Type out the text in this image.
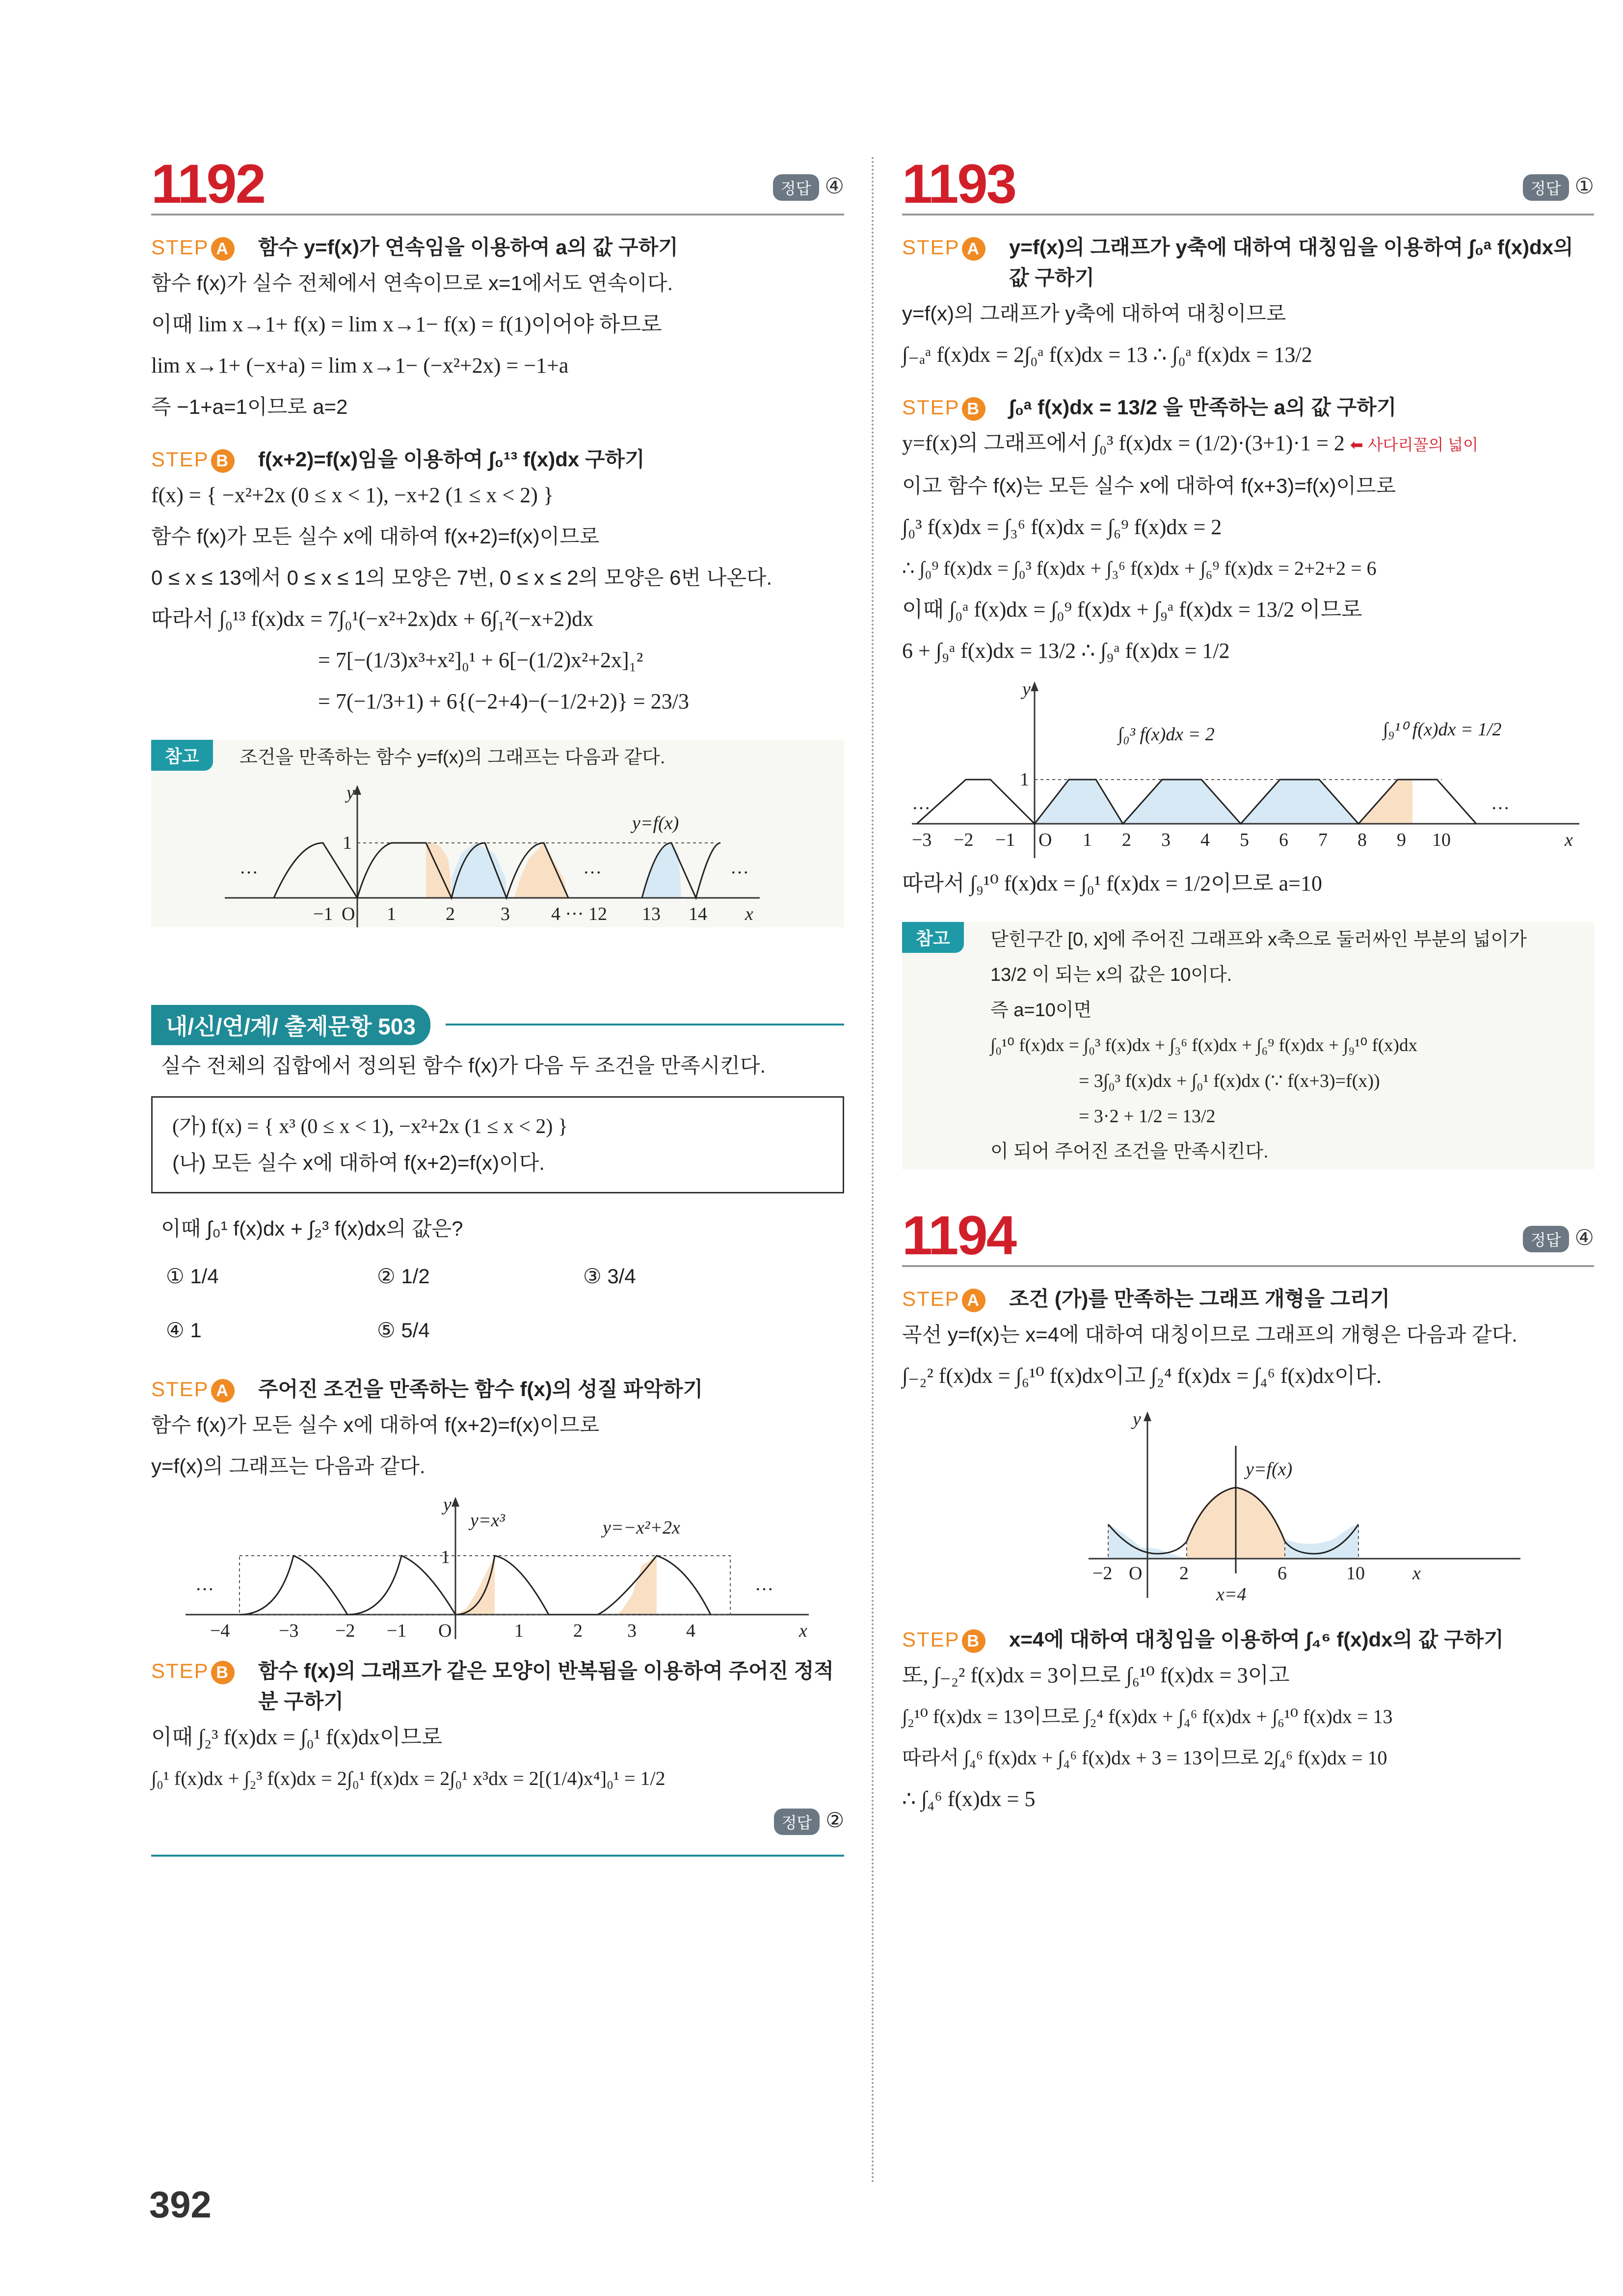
1192	정답 ④
STEP A 함수 y=f(x)가 연속임을 이용하여 a의 값 구하기
함수 f(x)가 실수 전체에서 연속이므로 x=1에서도 연속이다.
이때 lim x→1+ f(x) = lim x→1− f(x) = f(1)이어야 하므로
lim x→1+ (−x+a) = lim x→1− (−x²+2x) = −1+a
즉 −1+a=1이므로 a=2
STEP B f(x+2)=f(x)임을 이용하여 ∫₀¹³ f(x)dx 구하기
f(x) = { −x²+2x (0 ≤ x < 1), −x+2 (1 ≤ x < 2) }
함수 f(x)가 모든 실수 x에 대하여 f(x+2)=f(x)이므로
0 ≤ x ≤ 13에서 0 ≤ x ≤ 1의 모양은 7번, 0 ≤ x ≤ 2의 모양은 6번 나온다.
따라서 ∫₀¹³ f(x)dx = 7∫₀¹(−x²+2x)dx + 6∫₁²(−x+2)dx
= 7[−(1/3)x³+x²]₀¹ + 6[−(1/2)x²+2x]₁²
= 7(−1/3+1) + 6{(−2+4)−(−1/2+2)} = 23/3
참고	조건을 만족하는 함수 y=f(x)의 그래프는 다음과 같다.
y
1
O
y=f(x)
…	…	…
−1	1	2 3 4 ··· 12 13 14 x
내/신/연/계/ 출제문항 503
실수 전체의 집합에서 정의된 함수 f(x)가 다음 두 조건을 만족시킨다.
(가) f(x) = { x³ (0 ≤ x < 1), −x²+2x (1 ≤ x < 2) }
(나) 모든 실수 x에 대하여 f(x+2)=f(x)이다.
이때 ∫₀¹ f(x)dx + ∫₂³ f(x)dx의 값은?
① 1/4	② 1/2	③ 3/4
④ 1	⑤ 5/4
STEP A 주어진 조건을 만족하는 함수 f(x)의 성질 파악하기
함수 f(x)가 모든 실수 x에 대하여 f(x+2)=f(x)이므로
y=f(x)의 그래프는 다음과 같다.
y
1
O
y=x³	y=−x²+2x
…	…
−4	−3 −2 −1	1	2 3	4	x
STEP B 함수 f(x)의 그래프가 같은 모양이 반복됨을 이용하여 주어진 정적분 구하기
이때 ∫₂³ f(x)dx = ∫₀¹ f(x)dx이므로
∫₀¹ f(x)dx + ∫₂³ f(x)dx = 2∫₀¹ f(x)dx = 2∫₀¹ x³dx = 2[(1/4)x⁴]₀¹ = 1/2
정답 ②
1193	정답 ①
STEP A y=f(x)의 그래프가 y축에 대하여 대칭임을 이용하여 ∫₀ᵃ f(x)dx의 값 구하기
y=f(x)의 그래프가 y축에 대하여 대칭이므로
∫₋ₐᵃ f(x)dx = 2∫₀ᵃ f(x)dx = 13 ∴ ∫₀ᵃ f(x)dx = 13/2
STEP B ∫₀ᵃ f(x)dx = 13/2 을 만족하는 a의 값 구하기
y=f(x)의 그래프에서 ∫₀³ f(x)dx = (1/2)·(3+1)·1 = 2 ⬅ 사다리꼴의 넓이
이고 함수 f(x)는 모든 실수 x에 대하여 f(x+3)=f(x)이므로
∫₀³ f(x)dx = ∫₃⁶ f(x)dx = ∫₆⁹ f(x)dx = 2
∴ ∫₀⁹ f(x)dx = ∫₀³ f(x)dx + ∫₃⁶ f(x)dx + ∫₆⁹ f(x)dx = 2+2+2 = 6
이때 ∫₀ᵃ f(x)dx = ∫₀⁹ f(x)dx + ∫₉ᵃ f(x)dx = 13/2 이므로
6 + ∫₉ᵃ f(x)dx = 13/2 ∴ ∫₉ᵃ f(x)dx = 1/2
y
1
O
∫₀³ f(x)dx = 2	∫₉¹⁰ f(x)dx = 1/2
…	…
−3 −2 −1	1 2 3 4 5 6 7 8 9 10	x
따라서 ∫₉¹⁰ f(x)dx = ∫₀¹ f(x)dx = 1/2이므로 a=10
참고	닫힌구간 [0, x]에 주어진 그래프와 x축으로 둘러싸인 부분의 넓이가
13/2 이 되는 x의 값은 10이다.
즉 a=10이면
∫₀¹⁰ f(x)dx = ∫₀³ f(x)dx + ∫₃⁶ f(x)dx + ∫₆⁹ f(x)dx + ∫₉¹⁰ f(x)dx
= 3∫₀³ f(x)dx + ∫₀¹ f(x)dx (∵ f(x+3)=f(x))
= 3·2 + 1/2 = 13/2
이 되어 주어진 조건을 만족시킨다.
1194	정답 ④
STEP A 조건 (가)를 만족하는 그래프 개형을 그리기
곡선 y=f(x)는 x=4에 대하여 대칭이므로 그래프의 개형은 다음과 같다.
∫₋₂² f(x)dx = ∫₆¹⁰ f(x)dx이고 ∫₂⁴ f(x)dx = ∫₄⁶ f(x)dx이다.
y
y=f(x)
O
−2	2	6	10	x
x=4
STEP B x=4에 대하여 대칭임을 이용하여 ∫₄⁶ f(x)dx의 값 구하기
또, ∫₋₂² f(x)dx = 3이므로 ∫₆¹⁰ f(x)dx = 3이고
∫₂¹⁰ f(x)dx = 13이므로 ∫₂⁴ f(x)dx + ∫₄⁶ f(x)dx + ∫₆¹⁰ f(x)dx = 13
따라서 ∫₄⁶ f(x)dx + ∫₄⁶ f(x)dx + 3 = 13이므로 2∫₄⁶ f(x)dx = 10
∴ ∫₄⁶ f(x)dx = 5
392
